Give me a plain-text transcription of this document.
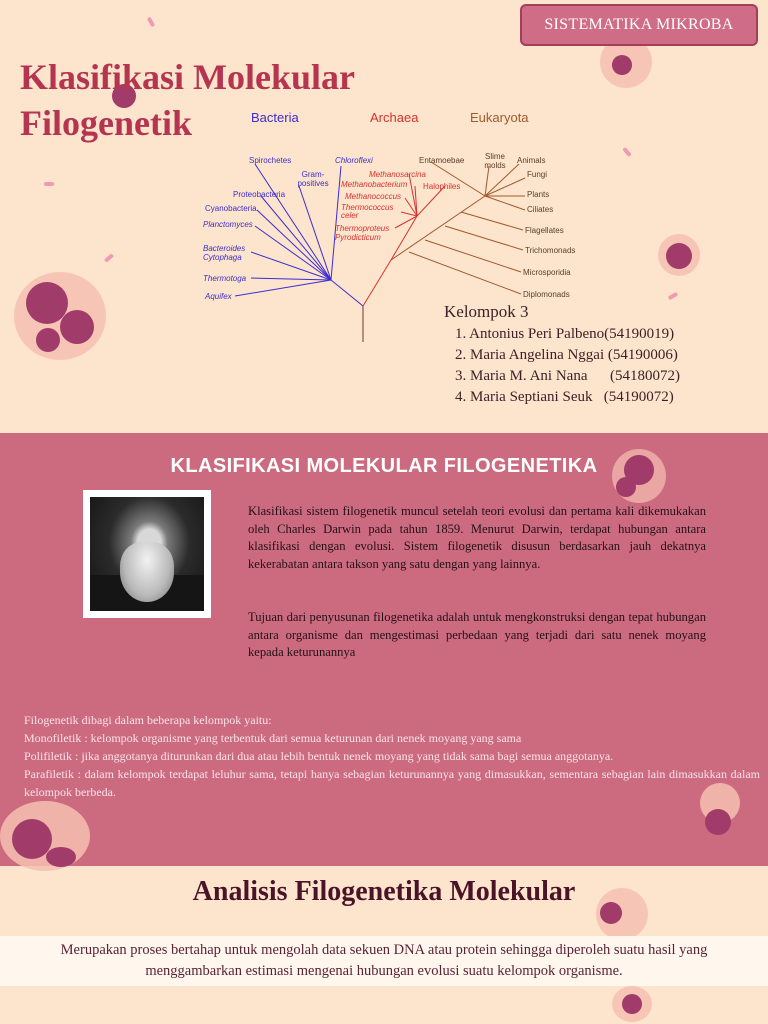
SISTEMATIKA MIKROBA
Klasifikasi Molekular
Filogenetik	Bacteria	Archaea	Eukaryota
Spirochetes
Gram-positives
Chloroflexi
Proteobacteria
Cyanobacteria
Planctomyces
Bacteroides Cytophaga
Thermotoga
Aquifex
Methanosarcina
Methanobacterium Halophiles
Methanococcus
Thermococcus celer
Thermoproteus
Pyrodicticum
Entamoebae	Slime molds
Animals
Fungi
Plants
Ciliates
Flagellates
Trichomonads
Microsporidia
Diplomonads
Kelompok 3
1. Antonius Peri Palbeno(54190019)
2. Maria Angelina Nggai (54190006)
3. Maria M. Ani Nana      (54180072)
4. Maria Septiani Seuk   (54190072)
KLASIFIKASI MOLEKULAR FILOGENETIKA

Klasifikasi sistem filogenetik muncul setelah teori evolusi dan pertama kali dikemukakan oleh Charles Darwin pada tahun 1859. Menurut Darwin, terdapat hubungan antara klasifikasi dengan evolusi. Sistem filogenetik disusun berdasarkan jauh dekatnya kekerabatan antara takson yang satu dengan yang lainnya.

Tujuan dari penyusunan filogenetika adalah untuk mengkonstruksi dengan tepat hubungan antara organisme dan mengestimasi perbedaan yang terjadi dari satu nenek moyang kepada keturunannya

Filogenetik dibagi dalam beberapa kelompok yaitu:
Monofiletik : kelompok organisme yang terbentuk dari semua keturunan dari nenek moyang yang sama
Polifiletik : jika anggotanya diturunkan dari dua atau lebih bentuk nenek moyang yang tidak sama bagi semua anggotanya.
Parafiletik : dalam kelompok terdapat leluhur sama, tetapi hanya sebagian keturunannya yang dimasukkan, sementara sebagian lain dimasukkan dalam kelompok berbeda.
Analisis Filogenetika Molekular
Merupakan proses bertahap untuk mengolah data sekuen DNA atau protein sehingga diperoleh suatu hasil yang menggambarkan estimasi mengenai hubungan evolusi suatu kelompok organisme.
